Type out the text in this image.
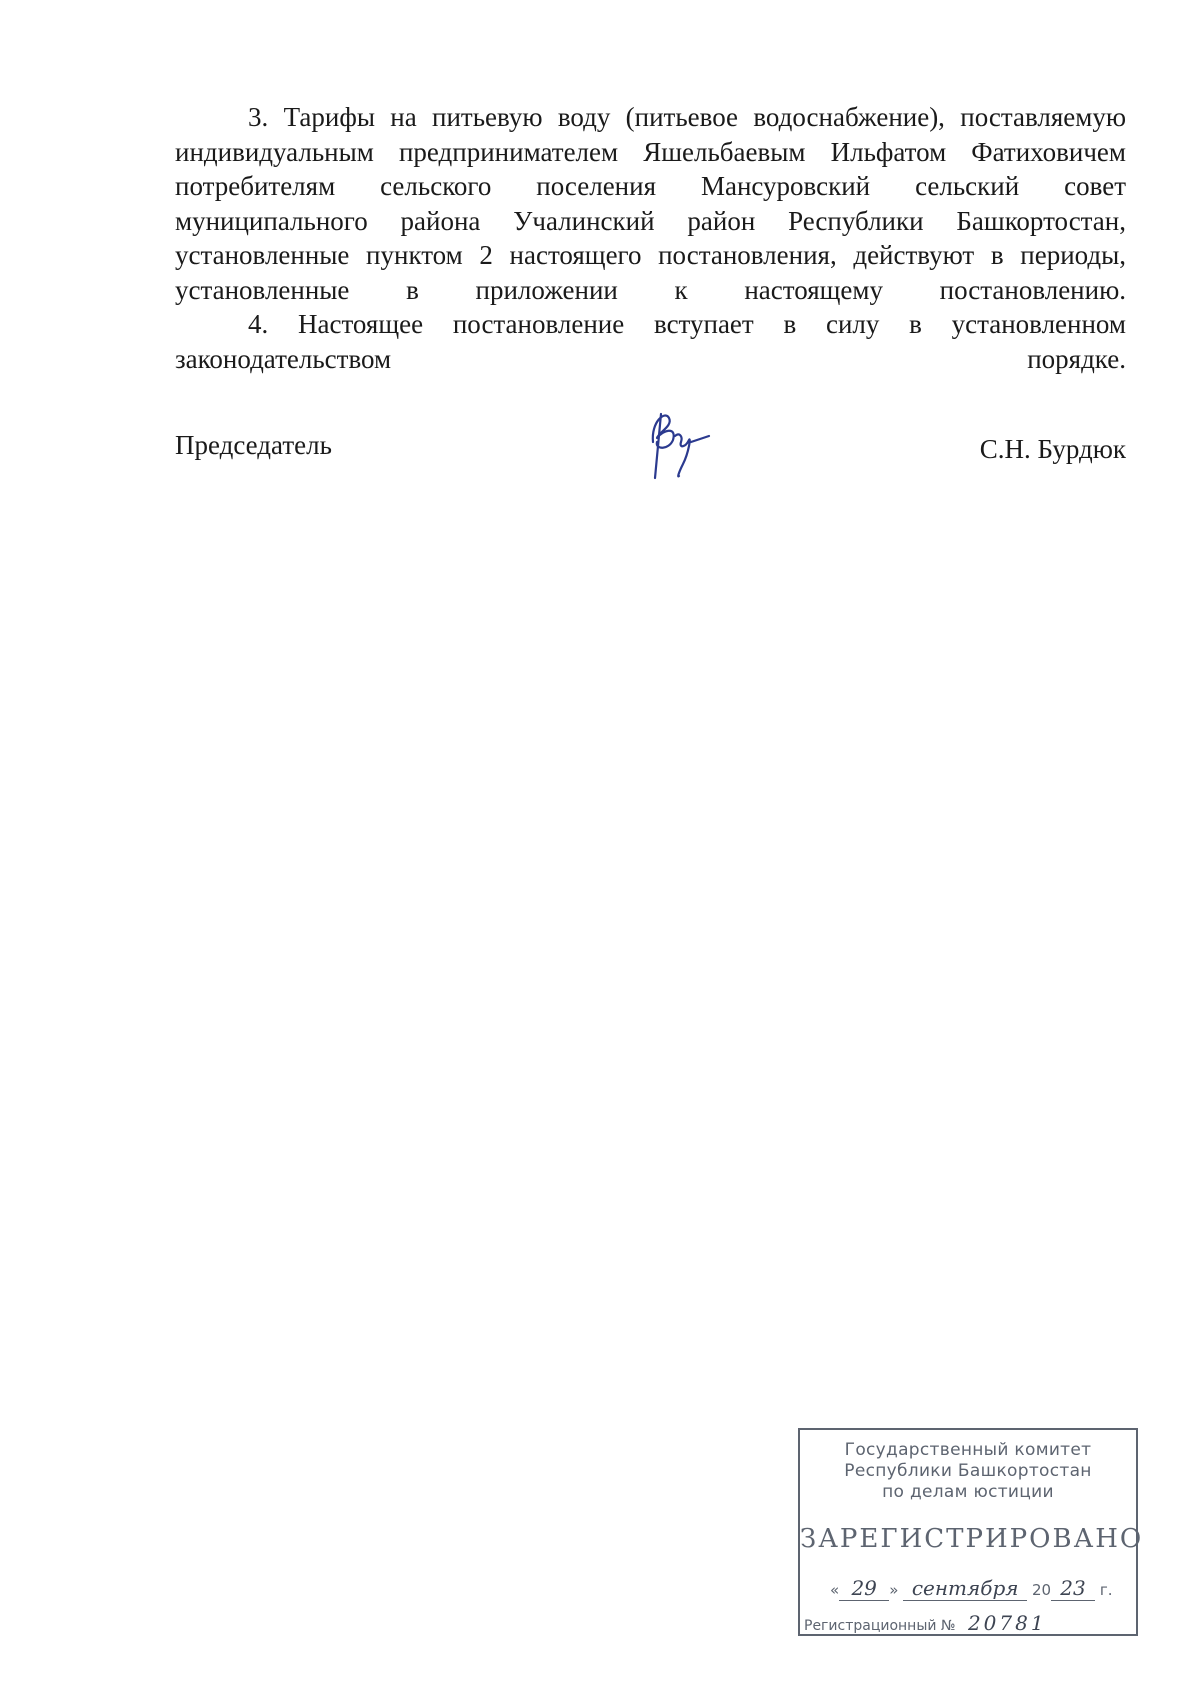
3. Тарифы на питьевую воду (питьевое водоснабжение), поставляемую индивидуальным предпринимателем Яшельбаевым Ильфатом Фатиховичем потребителям сельского поселения Мансуровский сельский совет муниципального района Учалинский район Республики Башкортостан, установленные пунктом 2 настоящего постановления, действуют в периоды, установленные в приложении к настоящему постановлению.

4. Настоящее постановление вступает в силу в установленном законодательством порядке.

Председатель	С.Н. Бурдюк
Государственный комитет
Республики Башкортостан
по делам юстиции
ЗАРЕГИСТРИРОВАНО
« 29 » сентября 20 23 г.
Регистрационный № 20781
